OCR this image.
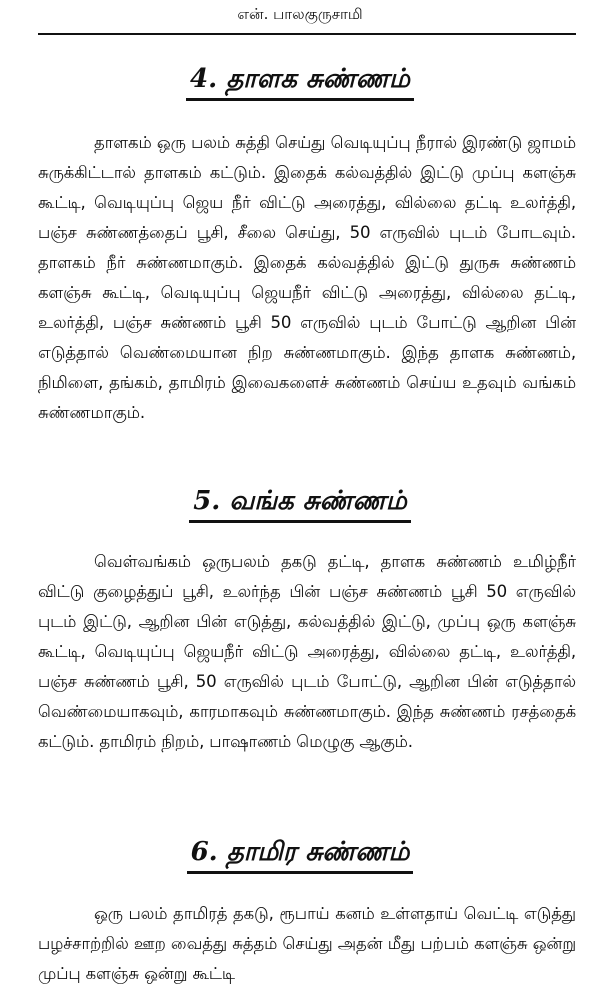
என். பாலகுருசாமி
4. தாளக சுண்ணம்

தாளகம் ஒரு பலம் சுத்தி செய்து வெடியுப்பு நீரால் இரண்டு ஜாமம் சுருக்கிட்டால் தாளகம் கட்டும். இதைக் கல்வத்தில் இட்டு முப்பு களஞ்சு கூட்டி, வெடியுப்பு ஜெய நீர் விட்டு அரைத்து, வில்லை தட்டி உலர்த்தி, பஞ்ச சுண்ணத்தைப் பூசி, சீலை செய்து, 50 எருவில் புடம் போடவும். தாளகம் நீர் சுண்ணமாகும். இதைக் கல்வத்தில் இட்டு துருசு சுண்ணம் களஞ்சு கூட்டி, வெடியுப்பு ஜெயநீர் விட்டு அரைத்து, வில்லை தட்டி, உலர்த்தி, பஞ்ச சுண்ணம் பூசி 50 எருவில் புடம் போட்டு ஆறின பின் எடுத்தால் வெண்மையான நிற சுண்ணமாகும். இந்த தாளக சுண்ணம், நிமிளை, தங்கம், தாமிரம் இவைகளைச் சுண்ணம் செய்ய உதவும் வங்கம் சுண்ணமாகும்.

5. வங்க சுண்ணம்

வெள்வங்கம் ஒருபலம் தகடு தட்டி, தாளக சுண்ணம் உமிழ்நீர் விட்டு குழைத்துப் பூசி, உலர்ந்த பின் பஞ்ச சுண்ணம் பூசி 50 எருவில் புடம் இட்டு, ஆறின பின் எடுத்து, கல்வத்தில் இட்டு, முப்பு ஒரு களஞ்சு கூட்டி, வெடியுப்பு ஜெயநீர் விட்டு அரைத்து, வில்லை தட்டி, உலர்த்தி, பஞ்ச சுண்ணம் பூசி, 50 எருவில் புடம் போட்டு, ஆறின பின் எடுத்தால் வெண்மையாகவும், காரமாகவும் சுண்ணமாகும். இந்த சுண்ணம் ரசத்தைக் கட்டும். தாமிரம் நிறம், பாஷாணம் மெழுகு ஆகும்.

6. தாமிர சுண்ணம்

ஒரு பலம் தாமிரத் தகடு, ரூபாய் கனம் உள்ளதாய் வெட்டி எடுத்து பழச்சாற்றில் ஊற வைத்து சுத்தம் செய்து அதன் மீது பற்பம் களஞ்சு ஒன்று முப்பு களஞ்சு ஒன்று கூட்டி
